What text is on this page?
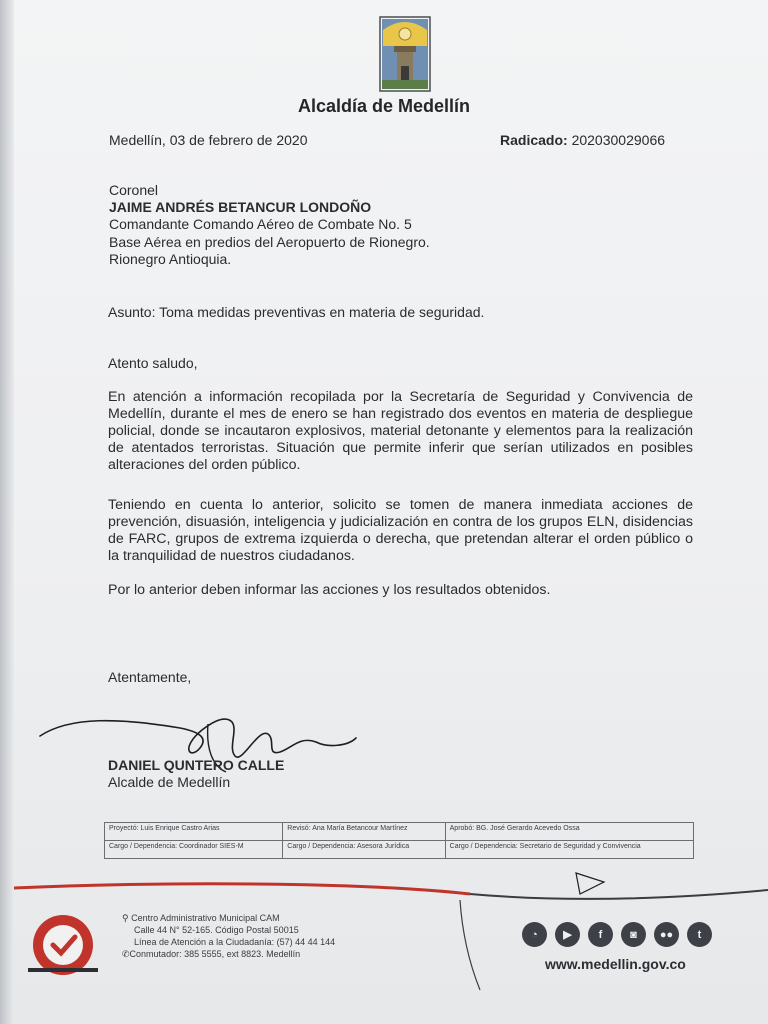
Alcaldía de Medellín
Medellín, 03 de febrero de 2020	Radicado: 202030029066
Coronel
JAIME ANDRÉS BETANCUR LONDOÑO
Comandante Comando Aéreo de Combate No. 5
Base Aérea en predios del Aeropuerto de Rionegro.
Rionegro Antioquia.
Asunto: Toma medidas preventivas en materia de seguridad.
Atento saludo,
En atención a información recopilada por la Secretaría de Seguridad y Convivencia de Medellín, durante el mes de enero se han registrado dos eventos en materia de despliegue policial, donde se incautaron explosivos, material detonante y elementos para la realización de atentados terroristas. Situación que permite inferir que serían utilizados en posibles alteraciones del orden público.
Teniendo en cuenta lo anterior, solicito se tomen de manera inmediata acciones de prevención, disuasión, inteligencia y judicialización en contra de los grupos ELN, disidencias de FARC, grupos de extrema izquierda o derecha, que pretendan alterar el orden público o la tranquilidad de nuestros ciudadanos.
Por lo anterior deben informar las acciones y los resultados obtenidos.
Atentamente,
DANIEL QUNTERO CALLE
Alcalde de Medellín
Proyectó: Luis Enrique Castro Arias	Revisó: Ana María Betancour Martínez	Aprobó: BG. José Gerardo Acevedo Ossa
Cargo / Dependencia: Coordinador SIES-M	Cargo / Dependencia: Asesora Jurídica	Cargo / Dependencia: Secretario de Seguridad y Convivencia
⚲ Centro Administrativo Municipal CAM
Calle 44 N° 52-165. Código Postal 50015
Línea de Atención a la Ciudadanía: (57) 44 44 144
✆Conmutador: 385 5555, ext 8823. Medellín
◔	▶	f	◙	●●	t
www.medellin.gov.co
